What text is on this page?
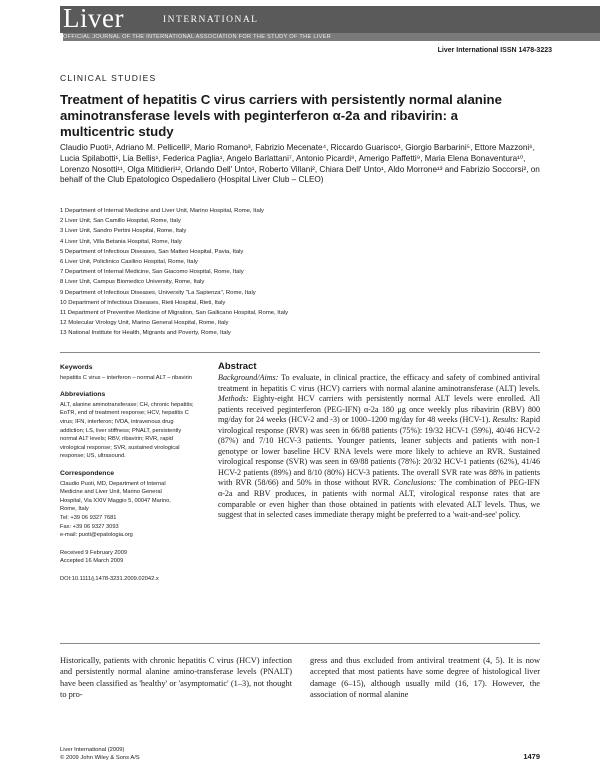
Liver	INTERNATIONAL
OFFICIAL JOURNAL OF THE INTERNATIONAL ASSOCIATION FOR THE STUDY OF THE LIVER
Liver International ISSN 1478-3223
CLINICAL STUDIES
Treatment of hepatitis C virus carriers with persistently normal alanine aminotransferase levels with peginterferon α-2a and ribavirin: a multicentric study
Claudio Puoti¹, Adriano M. Pellicelli², Mario Romano³, Fabrizio Mecenate⁴, Riccardo Guarisco¹, Giorgio Barbarini⁵, Ettore Mazzoni⁶, Lucia Spilabotti¹, Lia Bellis¹, Federica Paglia¹, Angelo Barlattani⁷, Antonio Picardi⁸, Amerigo Paffetti⁹, Maria Elena Bonaventura¹⁰, Lorenzo Nosotti¹¹, Olga Mitidieri¹², Orlando Dell' Unto¹, Roberto Villani², Chiara Dell' Unto¹, Aldo Morrone¹³ and Fabrizio Soccorsi², on behalf of the Club Epatologico Ospedaliero (Hospital Liver Club – CLEO)
1 Department of Internal Medicine and Liver Unit, Marino Hospital, Rome, Italy
2 Liver Unit, San Camillo Hospital, Rome, Italy
3 Liver Unit, Sandro Pertini Hospital, Rome, Italy
4 Liver Unit, Villa Betania Hospital, Rome, Italy
5 Department of Infectious Diseases, San Matteo Hospital, Pavia, Italy
6 Liver Unit, Policlinico Casilino Hospital, Rome, Italy
7 Department of Internal Medicine, San Giacomo Hospital, Rome, Italy
8 Liver Unit, Campus Biomedico University, Rome, Italy
9 Department of Infectious Diseases, University "La Sapienza", Rome, Italy
10 Department of Infectious Diseases, Rieti Hospital, Rieti, Italy
11 Department of Preventive Medicine of Migration, San Gallicano Hospital, Rome, Italy
12 Molecular Virology Unit, Marino General Hospital, Rome, Italy
13 National Institute for Health, Migrants and Poverty, Rome, Italy
Keywords

hepatitis C virus – interferon – normal ALT – ribavirin

Abbreviations

ALT, alanine aminotransferase; CH, chronic hepatitis; EoTR, end of treatment response; HCV, hepatitis C virus; IFN, interferon; IVDA, intravenous drug addiction; LS, liver stiffness; PNALT, persistently normal ALT levels; RBV, ribavirin; RVR, rapid virological response; SVR, sustained virological response; US, ultrasound.

Correspondence

Claudio Puoti, MD, Department of Internal

Medicine and Liver Unit, Marino General

Hospital, Via XXIV Maggio 5, 00047 Marino,

Rome, Italy

Tel: +39 06 9327 7681

Fax: +39 06 9327 3093

e-mail: puoti@epatologia.org

Received 9 February 2009

Accepted 16 March 2009

DOI:10.1111/j.1478-3231.2009.02042.x

Abstract

Background/Aims: To evaluate, in clinical practice, the efficacy and safety of combined antiviral treatment in hepatitis C virus (HCV) carriers with normal alanine aminotransferase (ALT) levels. Methods: Eighty-eight HCV carriers with persistently normal ALT levels were enrolled. All patients received peginterferon (PEG-IFN) α-2a 180 μg once weekly plus ribavirin (RBV) 800 mg/day for 24 weeks (HCV-2 and -3) or 1000–1200 mg/day for 48 weeks (HCV-1). Results: Rapid virological response (RVR) was seen in 66/88 patients (75%): 19/32 HCV-1 (59%), 40/46 HCV-2 (87%) and 7/10 HCV-3 patients. Younger patients, leaner subjects and patients with non-1 genotype or lower baseline HCV RNA levels were more likely to achieve an RVR. Sustained virological response (SVR) was seen in 69/88 patients (78%): 20/32 HCV-1 patients (62%), 41/46 HCV-2 patients (89%) and 8/10 (80%) HCV-3 patients. The overall SVR rate was 88% in patients with RVR (58/66) and 50% in those without RVR. Conclusions: The combination of PEG-IFN α-2a and RBV produces, in patients with normal ALT, virological response rates that are comparable or even higher than those obtained in patients with elevated ALT levels. Thus, we suggest that in selected cases immediate therapy might be preferred to a 'wait-and-see' policy.

Historically, patients with chronic hepatitis C virus (HCV) infection and persistently normal alanine amino-transferase levels (PNALT) have been classified as 'healthy' or 'asymptomatic' (1–3), not thought to pro-

gress and thus excluded from antiviral treatment (4, 5). It is now accepted that most patients have some degree of histological liver damage (6–15), although usually mild (16, 17). However, the association of normal alanine

Liver International (2009)
© 2009 John Wiley & Sons A/S	1479
